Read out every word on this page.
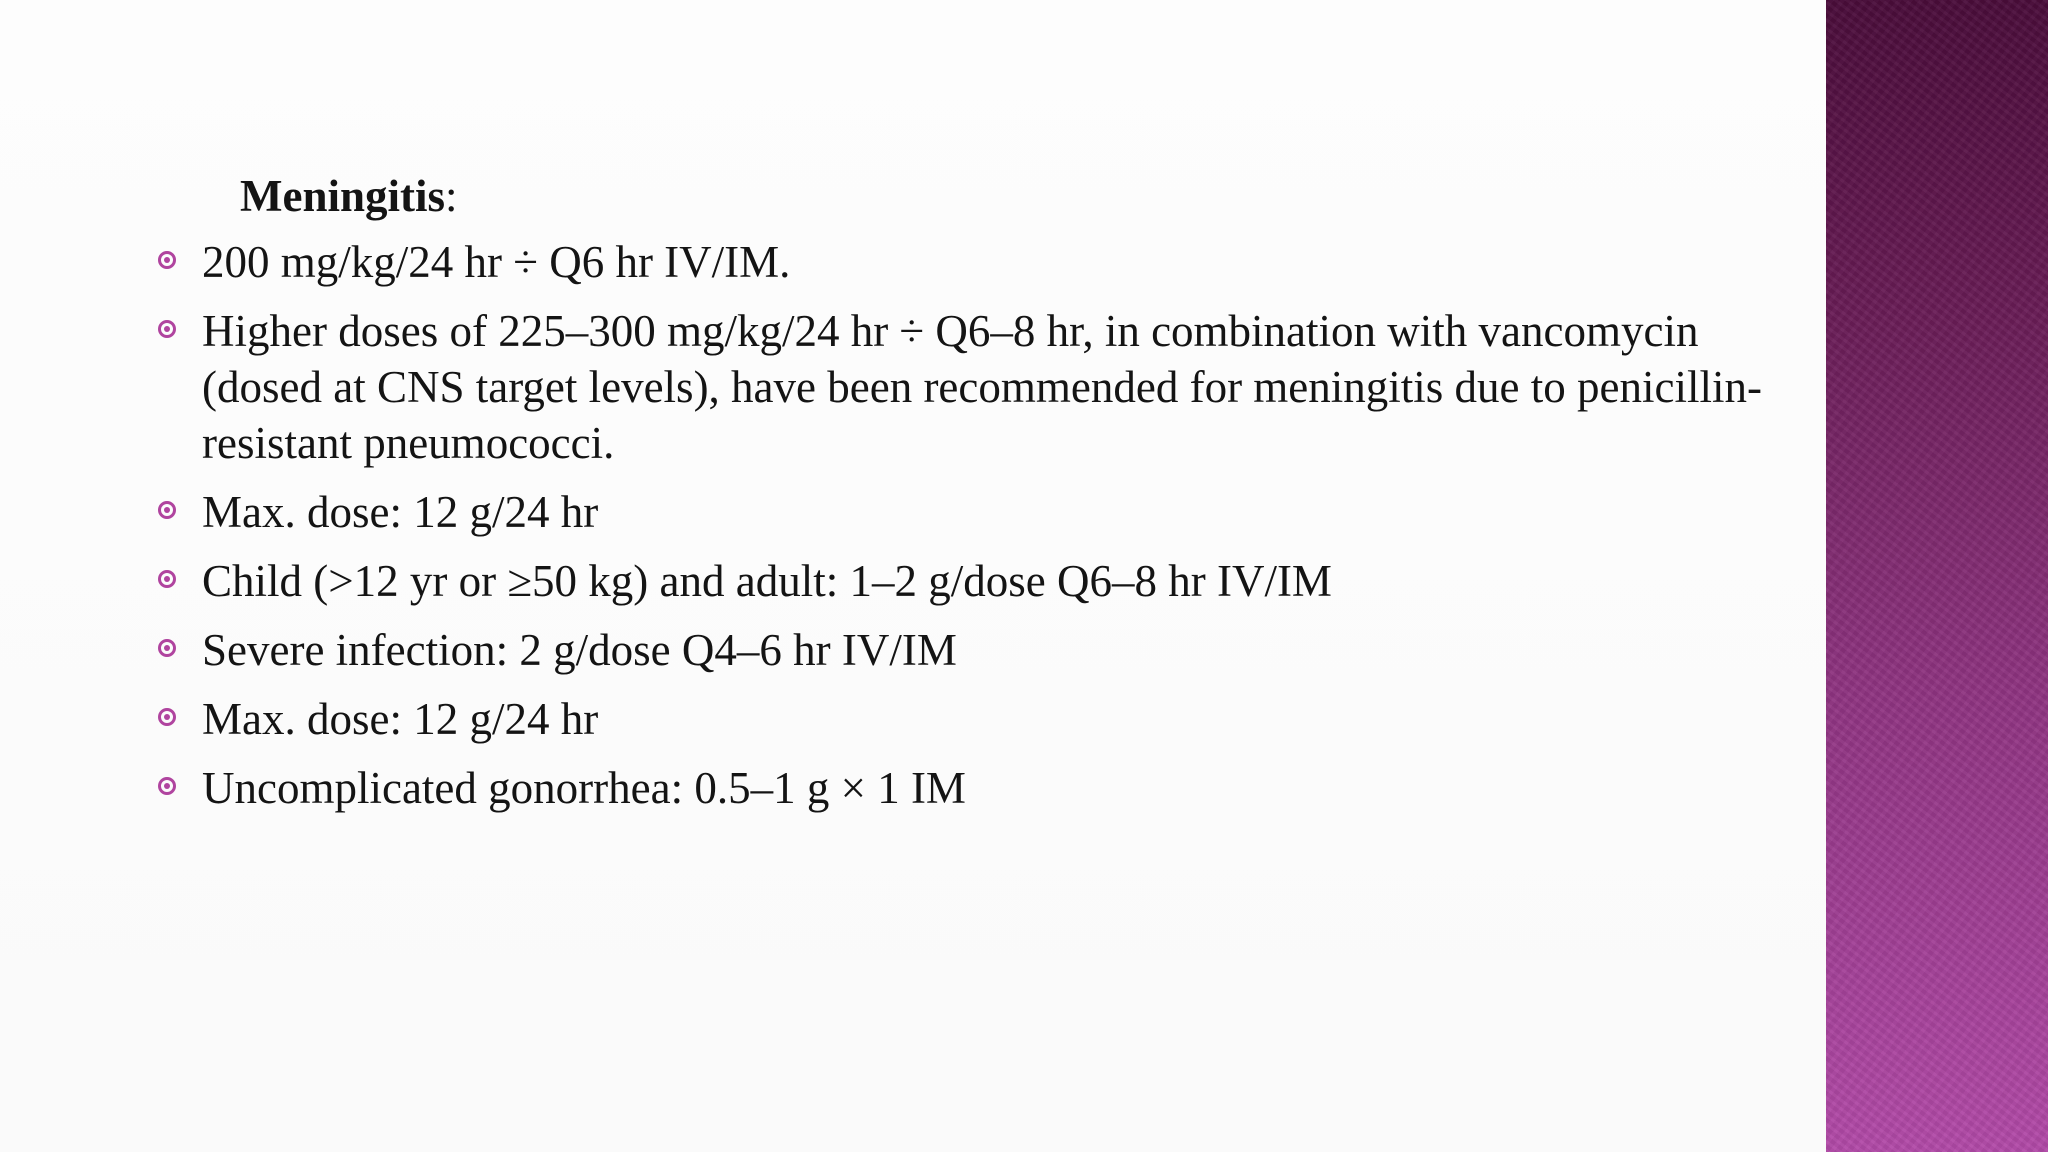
Meningitis:
200 mg/kg/24 hr ÷ Q6 hr IV/IM.
Higher doses of 225–300 mg/kg/24 hr ÷ Q6–8 hr, in combination with vancomycin
(dosed at CNS target levels), have been recommended for meningitis due to penicillin-
resistant pneumococci.
Max. dose: 12 g/24 hr
Child (>12 yr or ≥50 kg) and adult: 1–2 g/dose Q6–8 hr IV/IM
Severe infection: 2 g/dose Q4–6 hr IV/IM
Max. dose: 12 g/24 hr
Uncomplicated gonorrhea: 0.5–1 g × 1 IM
